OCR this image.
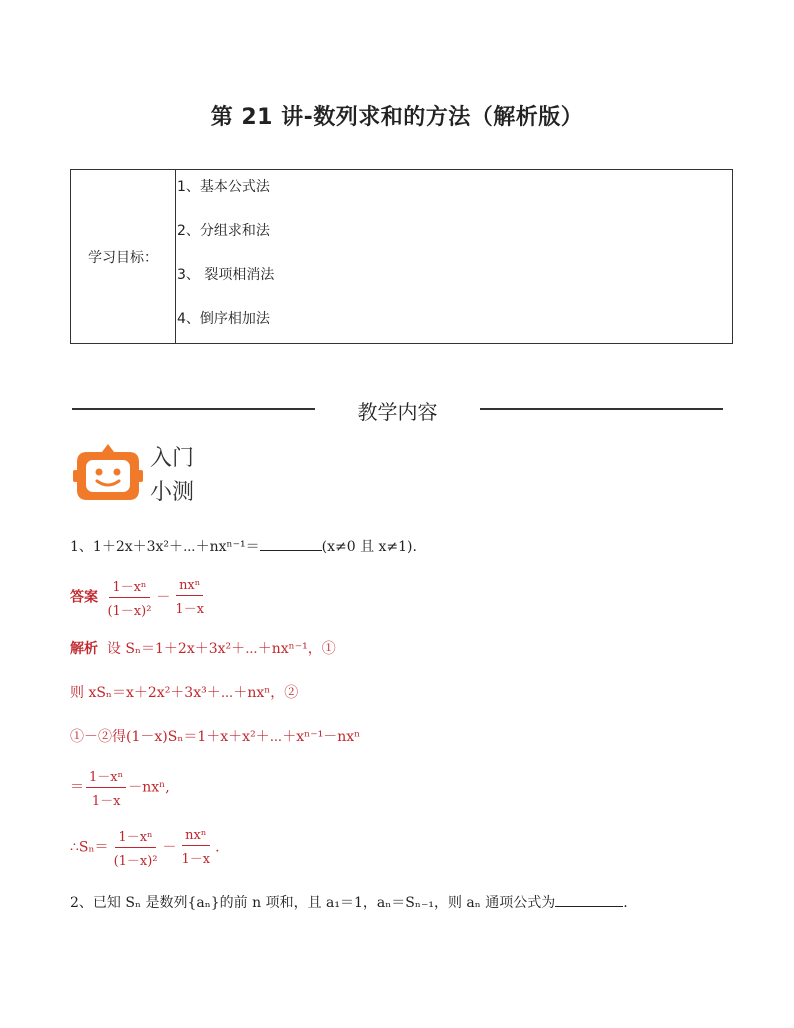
第 21 讲-数列求和的方法（解析版）
学习目标：
1、基本公式法
2、分组求和法
3、 裂项相消法
4、倒序相加法
教学内容
入门
小测
1、1＋2x＋3x²＋⋯＋nxⁿ⁻¹＝	(x≠0 且 x≠1).
答案 $\frac{\text{1－xⁿ}}{\text{(1－x)²}} - \frac{\text{nxⁿ}}{1-x}$
解析 设 Sₙ＝1＋2x＋3x²＋⋯＋nxⁿ⁻¹，①
则 xSₙ＝x＋2x²＋3x³＋⋯＋nxⁿ，②
①－②得(1－x)Sₙ＝1＋x＋x²＋⋯＋xⁿ⁻¹－nxⁿ
＝ $\frac{\text{1－xⁿ}}{1-x} -nx^n$,
∴Sₙ＝ $\frac{\text{1－xⁿ}}{\text{(1－x)²}} - \frac{\text{nxⁿ}}{1-x}$ .
2、已知 Sₙ 是数列{aₙ}的前 n 项和，且 a₁＝1，aₙ＝Sₙ₋₁，则 aₙ 通项公式为	.
